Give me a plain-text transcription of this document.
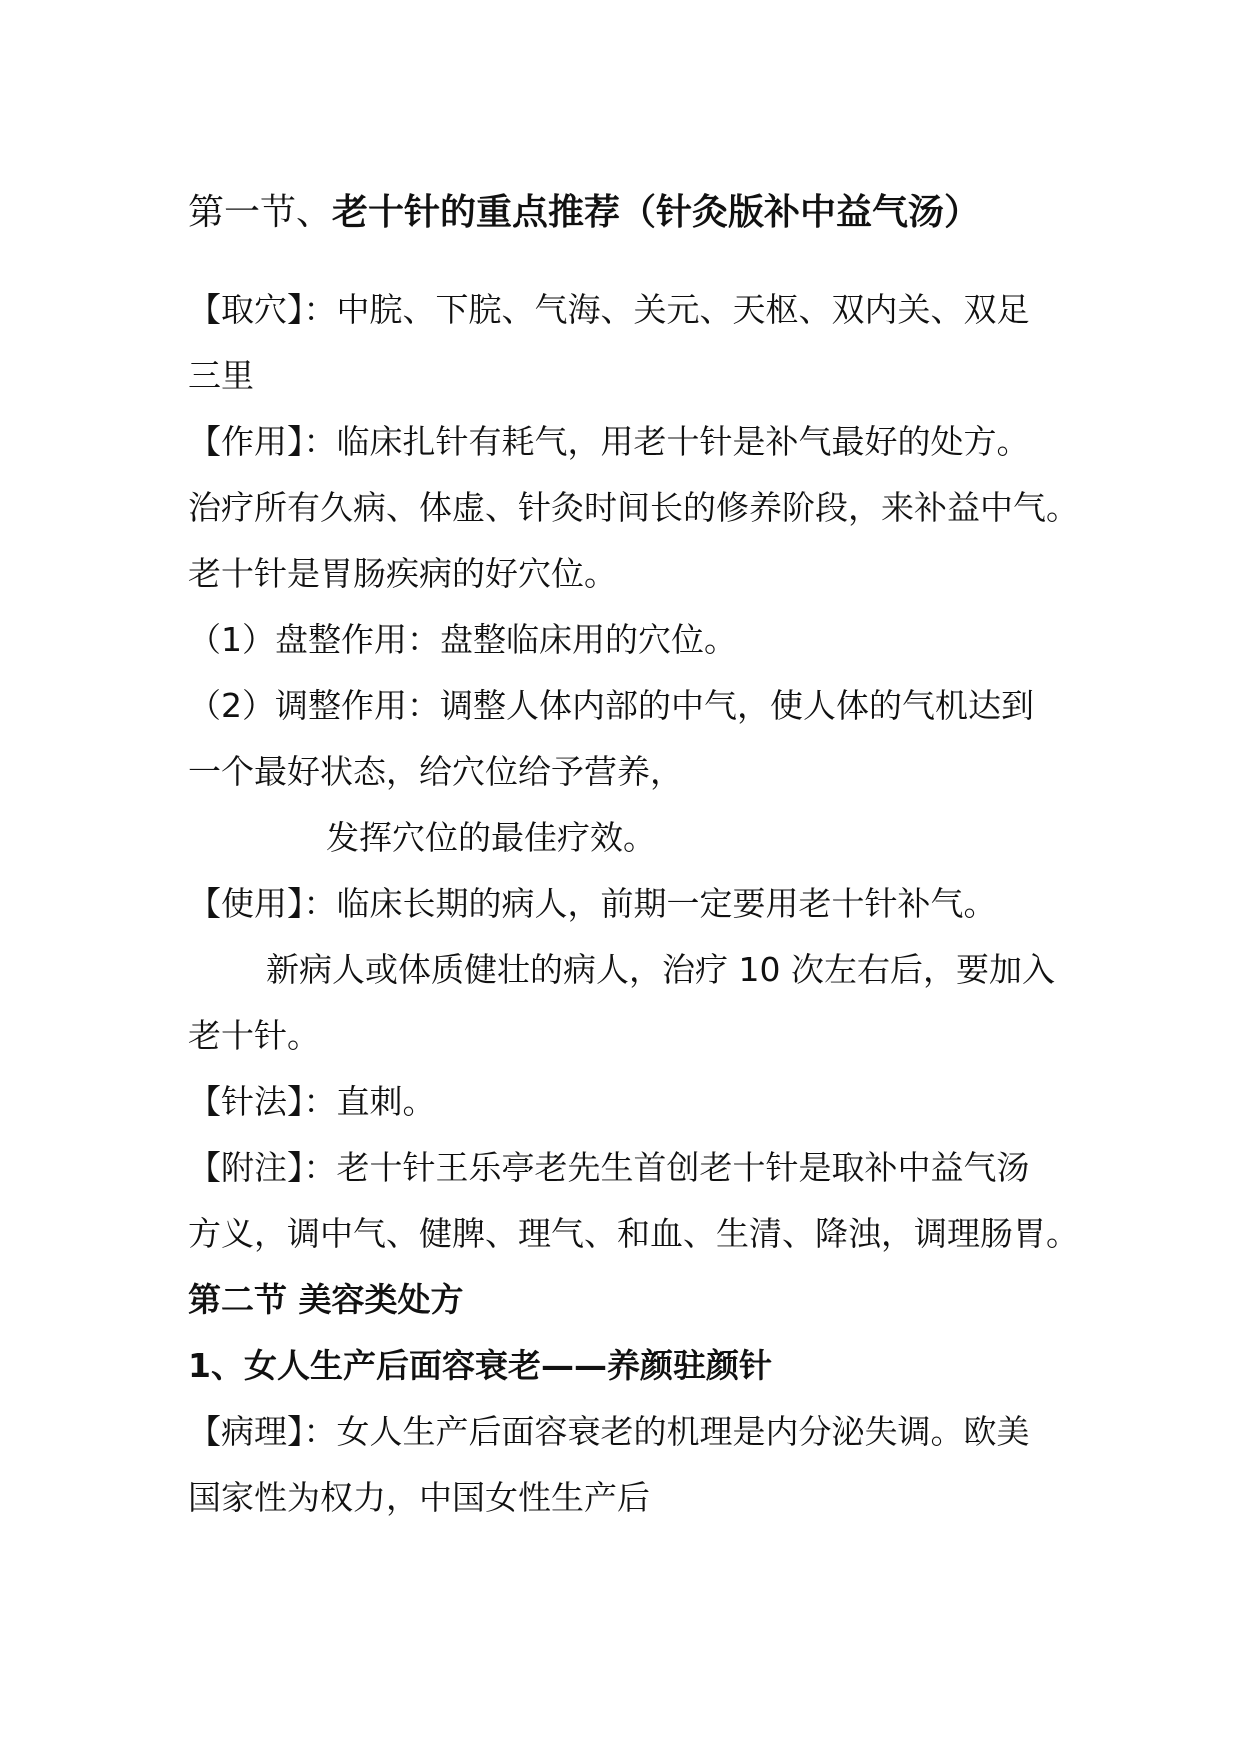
第一节、老十针的重点推荐（针灸版补中益气汤）
【取穴】：中脘、下脘、气海、关元、天枢、双内关、双足
三里
【作用】：临床扎针有耗气，用老十针是补气最好的处方。
治疗所有久病、体虚、针灸时间长的修养阶段，来补益中气。
老十针是胃肠疾病的好穴位。
（1）盘整作用：盘整临床用的穴位。
（2）调整作用：调整人体内部的中气，使人体的气机达到
一个最好状态，给穴位给予营养，
发挥穴位的最佳疗效。
【使用】：临床长期的病人，前期一定要用老十针补气。
新病人或体质健壮的病人，治疗 10 次左右后，要加入
老十针。
【针法】：直刺。
【附注】：老十针王乐亭老先生首创老十针是取补中益气汤
方义，调中气、健脾、理气、和血、生清、降浊，调理肠胃。
第二节 美容类处方
1、女人生产后面容衰老——养颜驻颜针
【病理】：女人生产后面容衰老的机理是内分泌失调。欧美
国家性为权力，中国女性生产后
